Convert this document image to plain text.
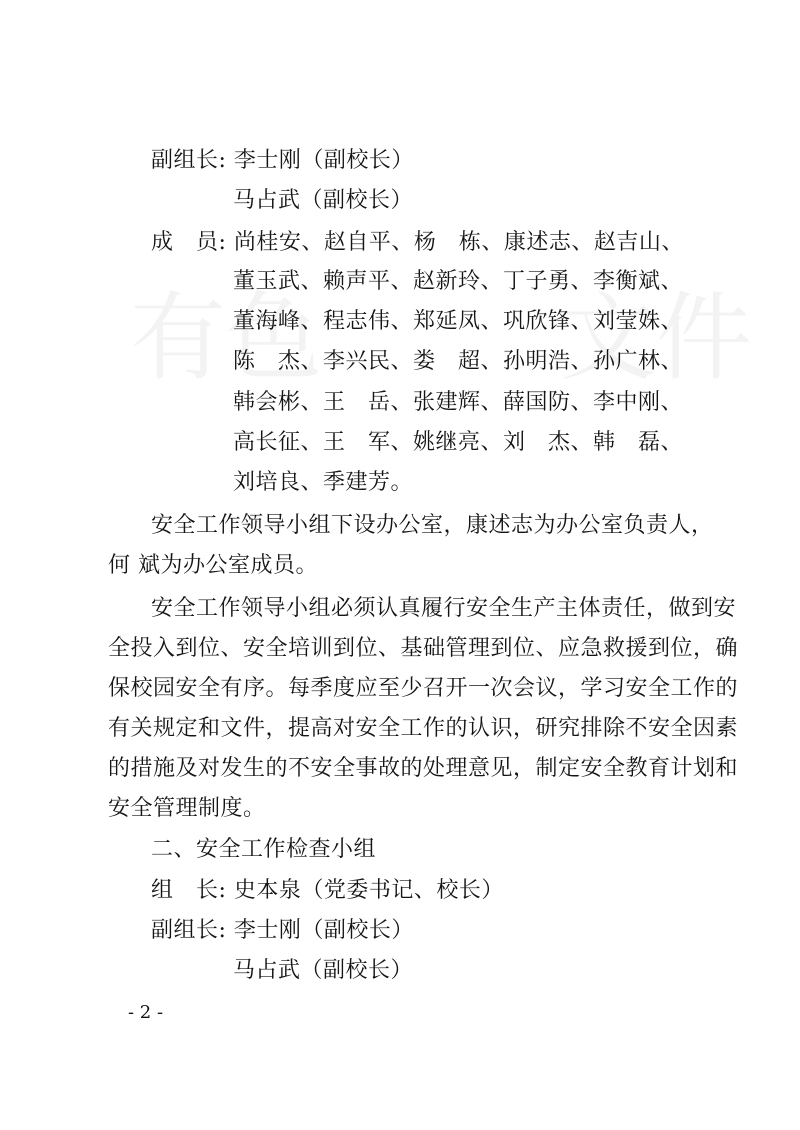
有色 文件
副组长: 李士刚（副校长）
马占武（副校长）
成　员: 尚桂安、赵自平、杨　栋、康述志、赵吉山、
董玉武、赖声平、赵新玲、丁子勇、李衡斌、
董海峰、程志伟、郑延凤、巩欣锋、刘莹姝、
陈　杰、李兴民、娄　超、孙明浩、孙广林、
韩会彬、王　岳、张建辉、薛国防、李中刚、
高长征、王　军、姚继亮、刘　杰、韩　磊、
刘培良、季建芳。
安全工作领导小组下设办公室，康述志为办公室负责人，
何 斌为办公室成员。
安全工作领导小组必须认真履行安全生产主体责任，做到安
全投入到位、安全培训到位、基础管理到位、应急救援到位，确
保校园安全有序。每季度应至少召开一次会议，学习安全工作的
有关规定和文件，提高对安全工作的认识，研究排除不安全因素
的措施及对发生的不安全事故的处理意见，制定安全教育计划和
安全管理制度。
二、安全工作检查小组
组　长: 史本泉（党委书记、校长）
副组长: 李士刚（副校长）
马占武（副校长）
- 2 -
